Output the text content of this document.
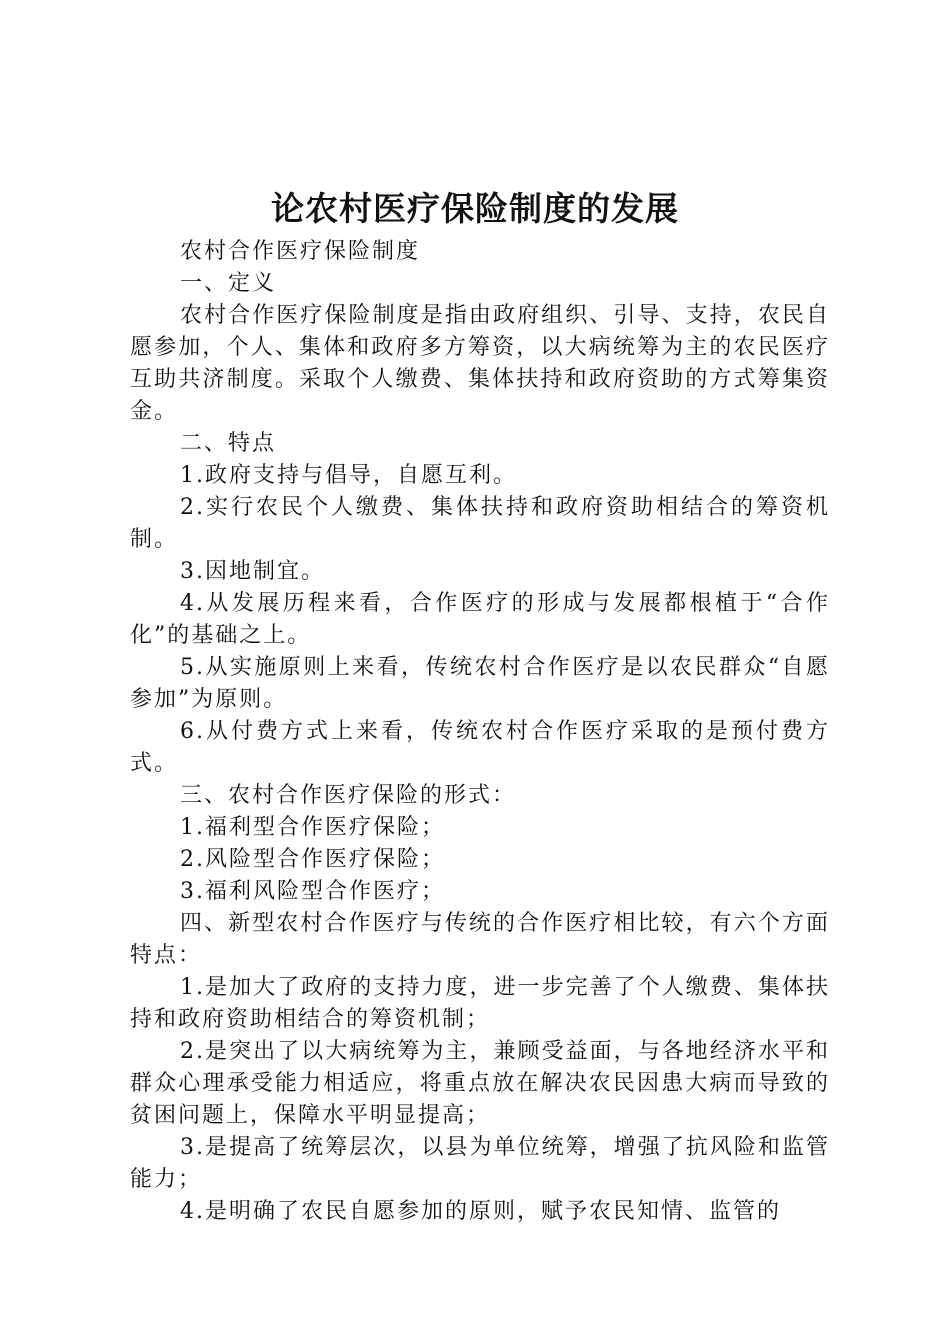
论农村医疗保险制度的发展

农村合作医疗保险制度

一、定义

农村合作医疗保险制度是指由政府组织、引导、支持，农民自愿参加，个人、集体和政府多方筹资，以大病统筹为主的农民医疗互助共济制度。采取个人缴费、集体扶持和政府资助的方式筹集资金。

二、特点

1.政府支持与倡导，自愿互利。

2.实行农民个人缴费、集体扶持和政府资助相结合的筹资机制。

3.因地制宜。

4.从发展历程来看，合作医疗的形成与发展都根植于“合作化”的基础之上。

5.从实施原则上来看，传统农村合作医疗是以农民群众“自愿参加”为原则。

6.从付费方式上来看，传统农村合作医疗采取的是预付费方式。

三、农村合作医疗保险的形式：

1.福利型合作医疗保险；

2.风险型合作医疗保险；

3.福利风险型合作医疗；

四、新型农村合作医疗与传统的合作医疗相比较，有六个方面特点：

1.是加大了政府的支持力度，进一步完善了个人缴费、集体扶持和政府资助相结合的筹资机制；

2.是突出了以大病统筹为主，兼顾受益面，与各地经济水平和群众心理承受能力相适应，将重点放在解决农民因患大病而导致的贫困问题上，保障水平明显提高；

3.是提高了统筹层次，以县为单位统筹，增强了抗风险和监管能力；

4.是明确了农民自愿参加的原则，赋予农民知情、监管的
